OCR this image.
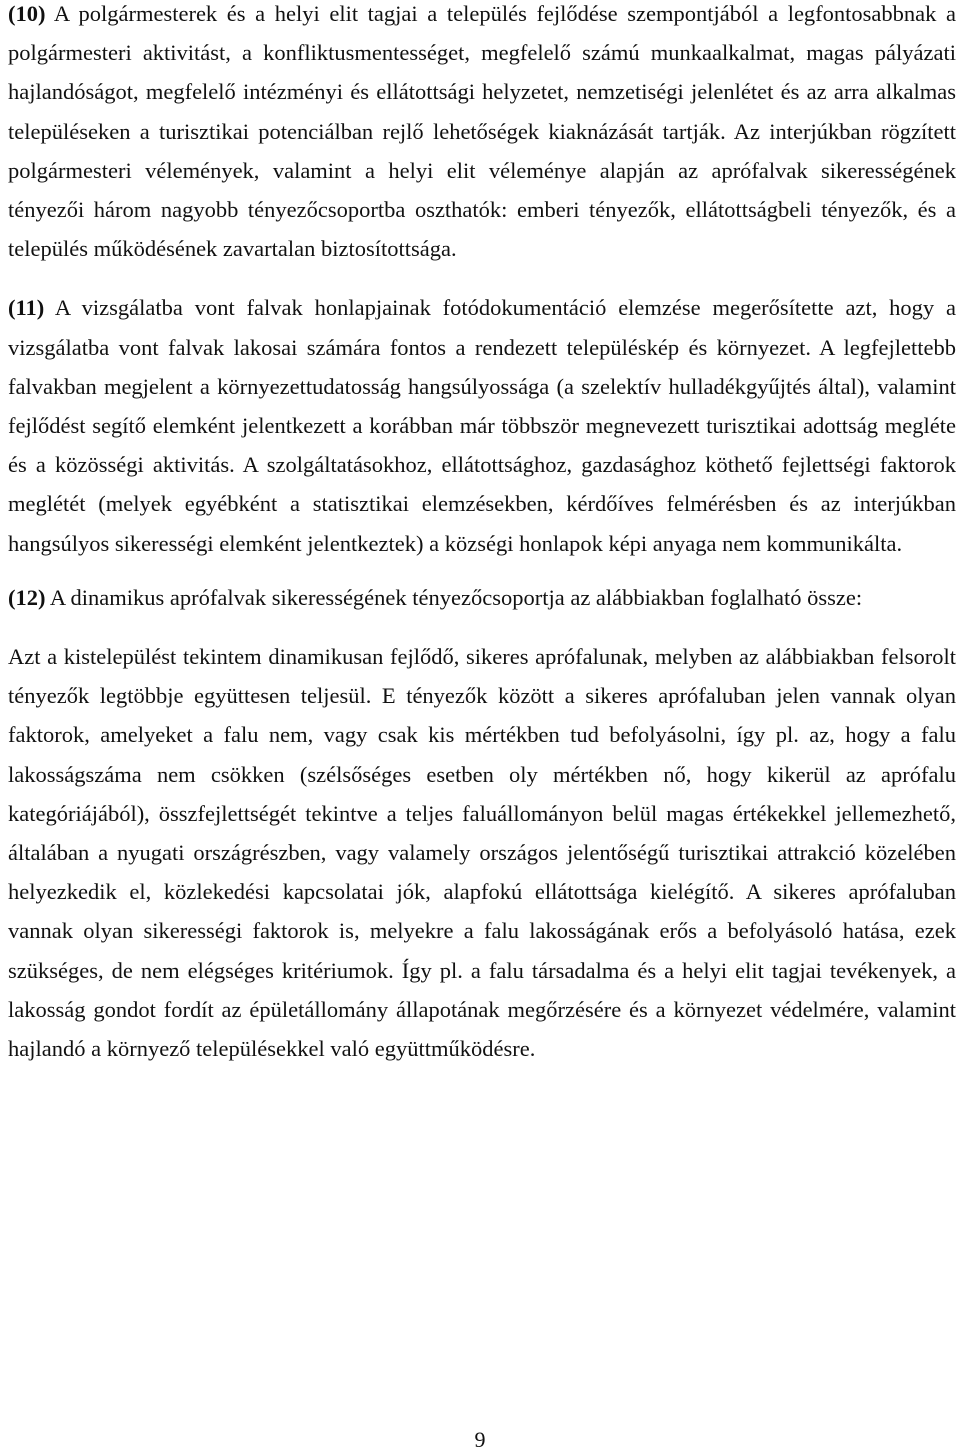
(10) A polgármesterek és a helyi elit tagjai a település fejlődése szempontjából a legfontosabbnak a polgármesteri aktivitást, a konfliktusmentességet, megfelelő számú munkaalkalmat, magas pályázati hajlandóságot, megfelelő intézményi és ellátottsági helyzetet, nemzetiségi jelenlétet és az arra alkalmas településeken a turisztikai potenciálban rejlő lehetőségek kiaknázását tartják. Az interjúkban rögzített polgármesteri vélemények, valamint a helyi elit véleménye alapján az aprófalvak sikerességének tényezői három nagyobb tényezőcsoportba oszthatók: emberi tényezők, ellátottságbeli tényezők, és a település működésének zavartalan biztosítottsága.

(11) A vizsgálatba vont falvak honlapjainak fotódokumentáció elemzése megerősítette azt, hogy a vizsgálatba vont falvak lakosai számára fontos a rendezett településkép és környezet. A legfejlettebb falvakban megjelent a környezettudatosság hangsúlyossága (a szelektív hulladékgyűjtés által), valamint fejlődést segítő elemként jelentkezett a korábban már többször megnevezett turisztikai adottság megléte és a közösségi aktivitás. A szolgáltatásokhoz, ellátottsághoz, gazdasághoz köthető fejlettségi faktorok meglétét (melyek egyébként a statisztikai elemzésekben, kérdőíves felmérésben és az interjúkban hangsúlyos sikerességi elemként jelentkeztek) a községi honlapok képi anyaga nem kommunikálta.

(12) A dinamikus aprófalvak sikerességének tényezőcsoportja az alábbiakban foglalható össze:

Azt a kistelepülést tekintem dinamikusan fejlődő, sikeres aprófalunak, melyben az alábbiakban felsorolt tényezők legtöbbje együttesen teljesül. E tényezők között a sikeres aprófaluban jelen vannak olyan faktorok, amelyeket a falu nem, vagy csak kis mértékben tud befolyásolni, így pl. az, hogy a falu lakosságszáma nem csökken (szélsőséges esetben oly mértékben nő, hogy kikerül az aprófalu kategóriájából), összfejlettségét tekintve a teljes faluállományon belül magas értékekkel jellemezhető, általában a nyugati országrészben, vagy valamely országos jelentőségű turisztikai attrakció közelében helyezkedik el, közlekedési kapcsolatai jók, alapfokú ellátottsága kielégítő. A sikeres aprófaluban vannak olyan sikerességi faktorok is, melyekre a falu lakosságának erős a befolyásoló hatása, ezek szükséges, de nem elégséges kritériumok. Így pl. a falu társadalma és a helyi elit tagjai tevékenyek, a lakosság gondot fordít az épületállomány állapotának megőrzésére és a környezet védelmére, valamint hajlandó a környező településekkel való együttműködésre.

9
